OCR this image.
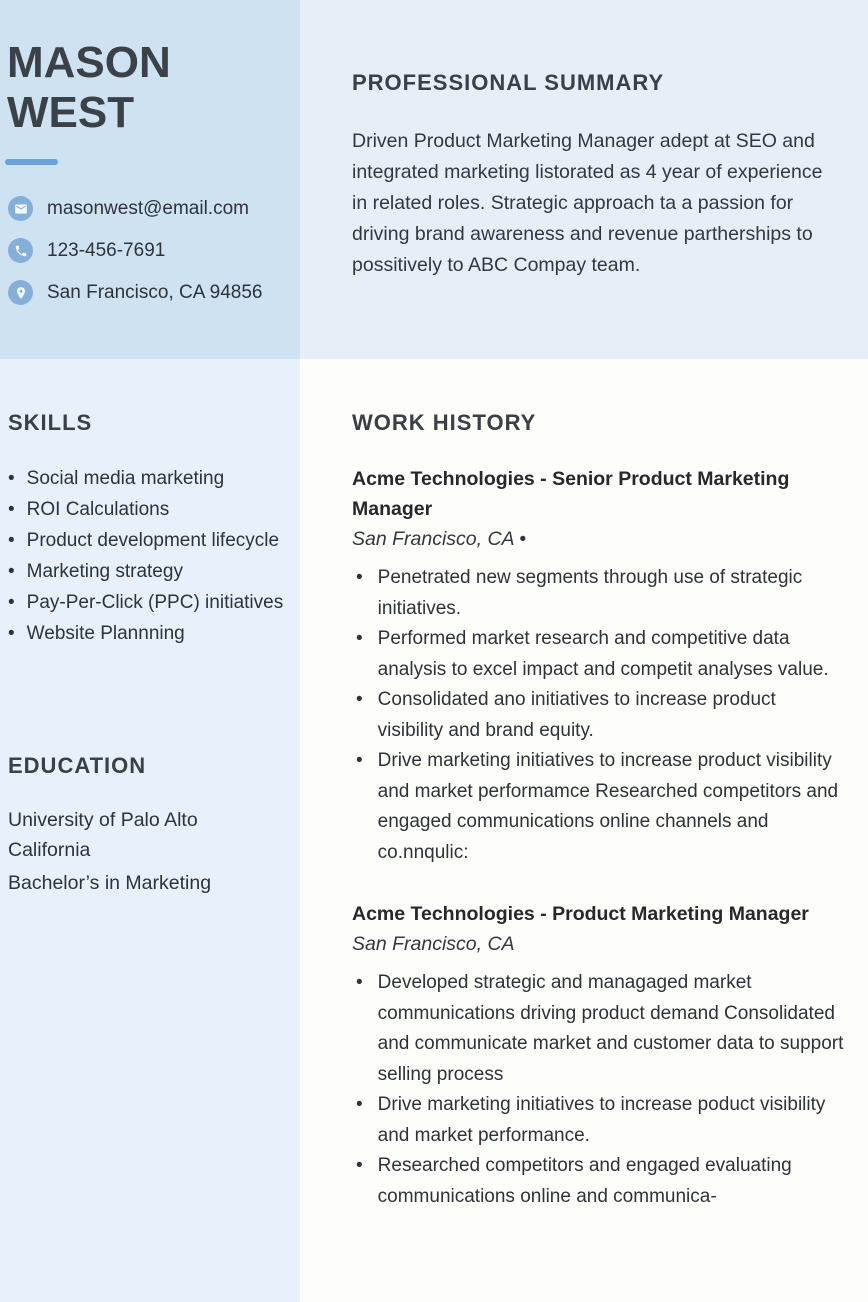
MASON
WEST
masonwest@email.com
123-456-7691
San Francisco, CA 94856
PROFESSIONAL SUMMARY

Driven Product Marketing Manager adept at SEO and integrated marketing listorated as 4 year of experience in related roles. Strategic approach ta a passion for driving brand awareness and revenue partherships to possitively to ABC Compay team.

SKILLS
• Social media marketing
• ROI Calculations
• Product development lifecycle
• Marketing strategy
• Pay-Per-Click (PPC) initiatives
• Website Plannning
EDUCATION

University of Palo Alto California

Bachelor’s in Marketing

WORK HISTORY

Acme Technologies - Senior Product Marketing Manager

San Francisco, CA •

• Penetrated new segments through use of strategic initiatives.
• Performed market research and competitive data analysis to excel impact and competit analyses value.
• Consolidated ano initiatives to increase product visibility and brand equity.
• Drive marketing initiatives to increase product visibility and market performamce Researched competitors and engaged communications online channels and co.nnqulic:

Acme Technologies - Product Marketing Manager

San Francisco, CA

• Developed strategic and managaged market communications driving product demand Consolidated and communicate market and customer data to support selling process
• Drive marketing initiatives to increase poduct visibility and market performance.
• Researched competitors and engaged evaluating communications online and communica-
